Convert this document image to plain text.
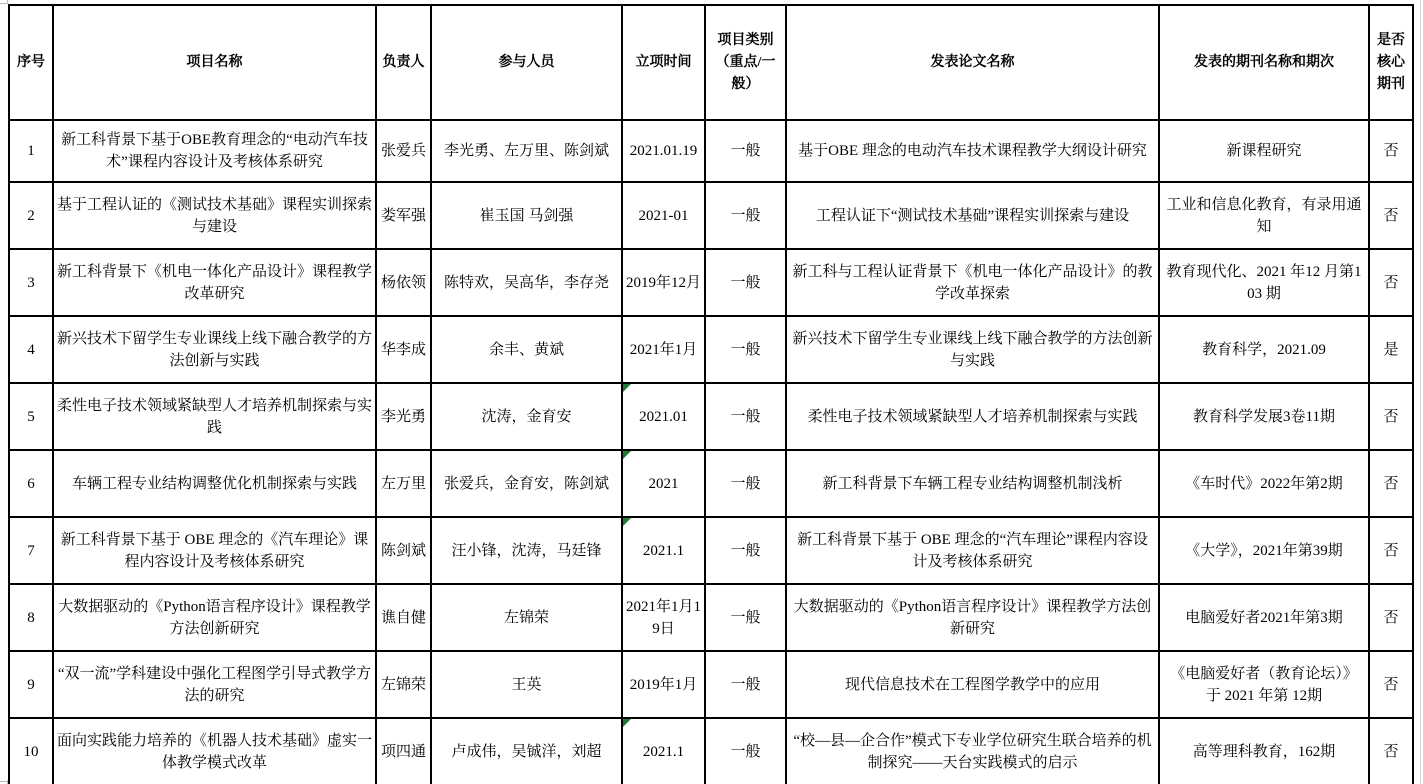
序号	项目名称	负责人	参与人员	立项时间	项目类别（重点/一般）	发表论文名称	发表的期刊名称和期次	是否核心期刊
1	新工科背景下基于OBE教育理念的“电动汽车技术”课程内容设计及考核体系研究	张爱兵	李光勇、左万里、陈剑斌	2021.01.19	一般	基于OBE 理念的电动汽车技术课程教学大纲设计研究	新课程研究	否
2	基于工程认证的《测试技术基础》课程实训探索与建设	娄军强	崔玉国 马剑强	2021-01	一般	工程认证下“测试技术基础”课程实训探索与建设	工业和信息化教育，有录用通知	否
3	新工科背景下《机电一体化产品设计》课程教学改革研究	杨依领	陈特欢，吴高华，李存尧	2019年12月	一般	新工科与工程认证背景下《机电一体化产品设计》的教学改革探索	教育现代化、2021 年12 月第103 期	否
4	新兴技术下留学生专业课线上线下融合教学的方法创新与实践	华李成	余丰、黄斌	2021年1月	一般	新兴技术下留学生专业课线上线下融合教学的方法创新与实践	教育科学，2021.09	是
5	柔性电子技术领域紧缺型人才培养机制探索与实践	李光勇	沈涛，金育安	2021.01	一般	柔性电子技术领域紧缺型人才培养机制探索与实践	教育科学发展3卷11期	否
6	车辆工程专业结构调整优化机制探索与实践	左万里	张爱兵，金育安，陈剑斌	2021	一般	新工科背景下车辆工程专业结构调整机制浅析	《车时代》2022年第2期	否
7	新工科背景下基于 OBE 理念的《汽车理论》课程内容设计及考核体系研究	陈剑斌	汪小锋，沈涛，马廷锋	2021.1	一般	新工科背景下基于 OBE 理念的“汽车理论”课程内容设计及考核体系研究	《大学》，2021年第39期	否
8	大数据驱动的《Python语言程序设计》课程教学方法创新研究	谯自健	左锦荣	2021年1月19日	一般	大数据驱动的《Python语言程序设计》课程教学方法创新研究	电脑爱好者2021年第3期	否
9	“双一流”学科建设中强化工程图学引导式教学方法的研究	左锦荣	王英	2019年1月	一般	现代信息技术在工程图学教学中的应用	《电脑爱好者（教育论坛）》于 2021 年第 12期	否
10	面向实践能力培养的《机器人技术基础》虚实一体教学模式改革	项四通	卢成伟，吴铖洋，刘超	2021.1	一般	“校—县—企合作”模式下专业学位研究生联合培养的机制探究——天台实践模式的启示	高等理科教育，162期	否
